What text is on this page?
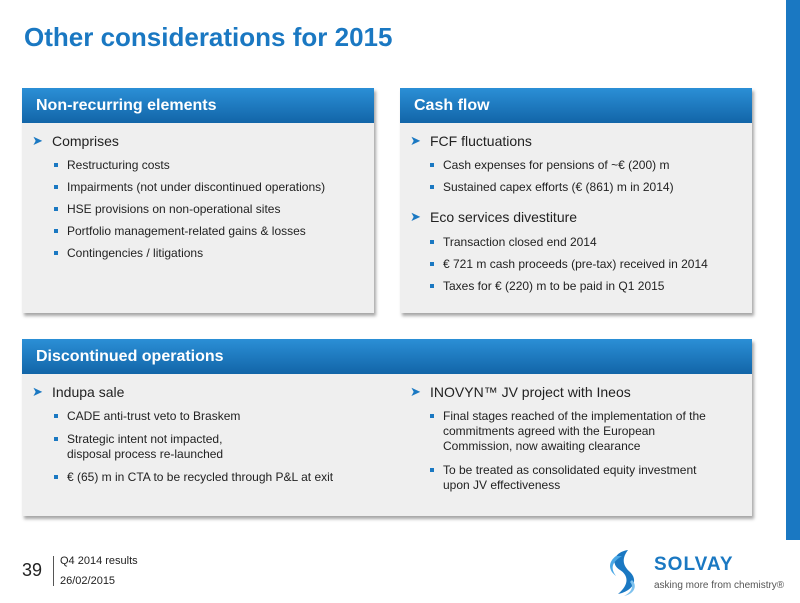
Other considerations for 2015
Non-recurring elements
➤ Comprises
Restructuring costs
Impairments (not under discontinued operations)
HSE provisions on non-operational sites
Portfolio management-related gains & losses
Contingencies / litigations
Cash flow
➤ FCF fluctuations
Cash expenses for pensions of ~€ (200) m
Sustained capex efforts (€ (861) m in 2014)
➤ Eco services divestiture
Transaction closed end 2014
€ 721 m cash proceeds (pre-tax) received in 2014
Taxes for € (220) m to be paid in Q1 2015
Discontinued operations
➤ Indupa sale
CADE anti-trust veto to Braskem
Strategic intent not impacted,
disposal process re-launched
€ (65) m in CTA to be recycled through P&L at exit
➤ INOVYN™ JV project with Ineos
Final stages reached of the implementation of the
commitments agreed with the European
Commission, now awaiting clearance
To be treated as consolidated equity investment
upon JV effectiveness
39 Q4 2014 results
26/02/2015
SOLVAY
asking more from chemistry®
